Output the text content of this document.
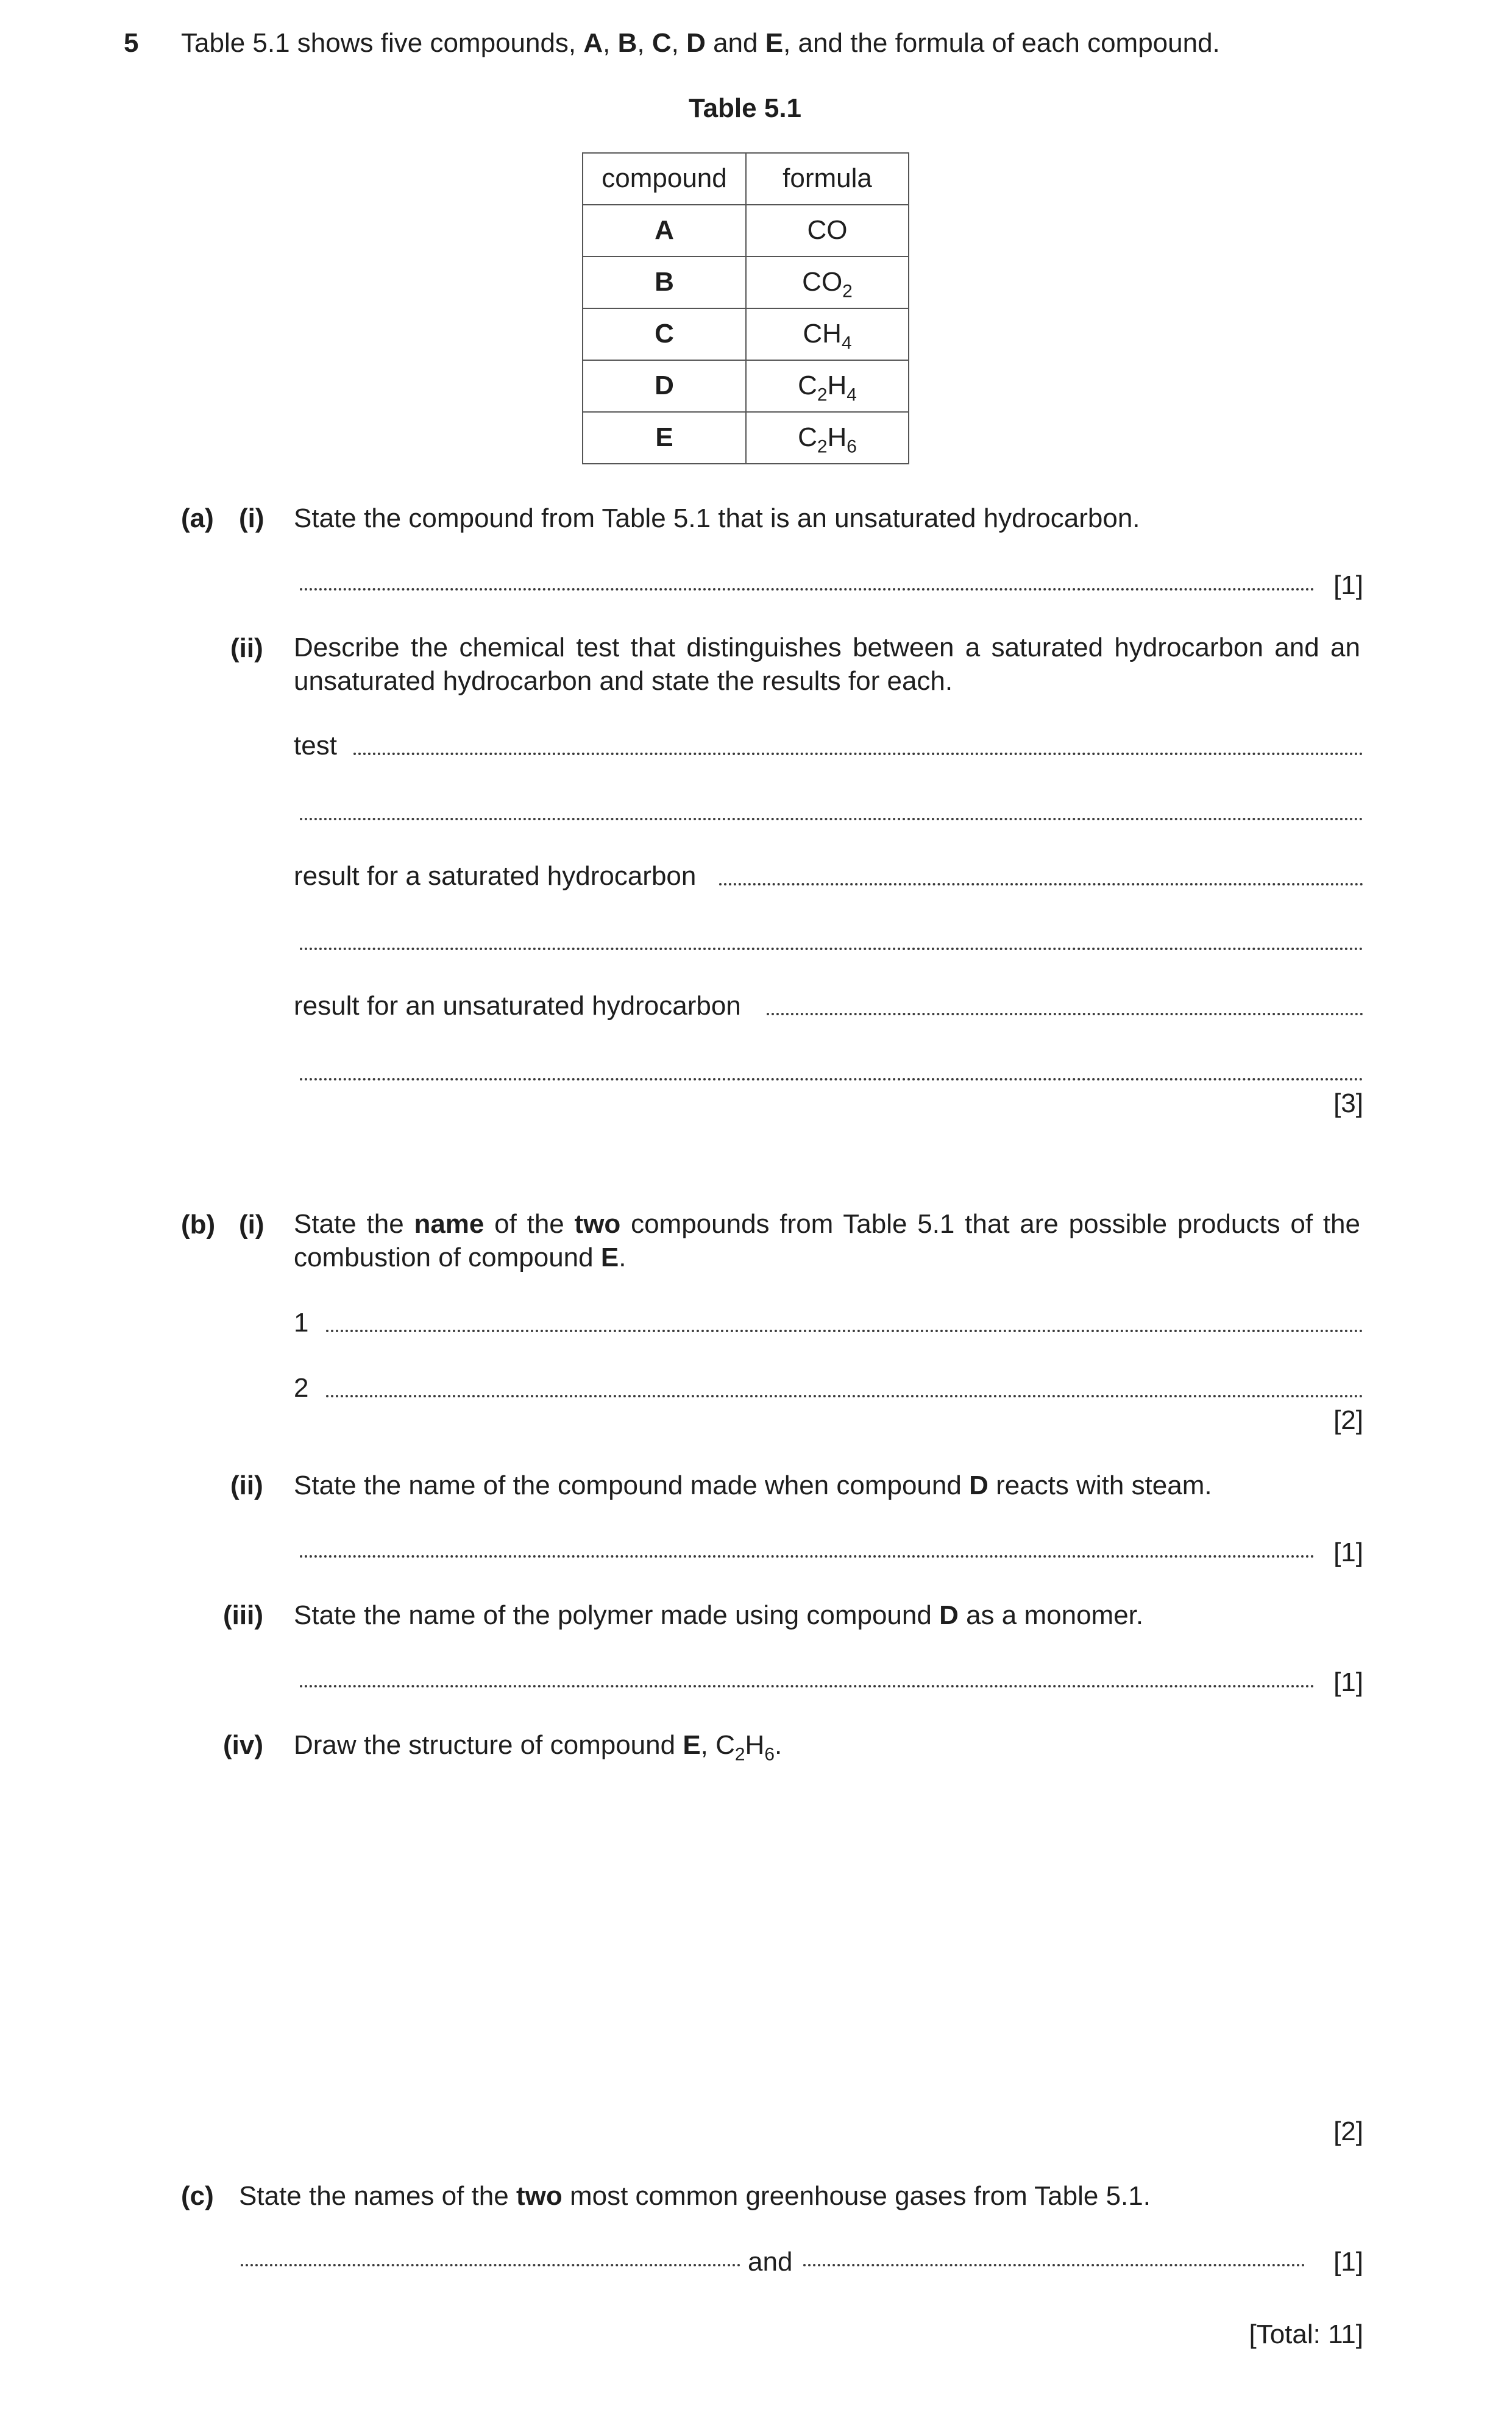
5 Table 5.1 shows five compounds, A, B, C, D and E, and the formula of each compound.
Table 5.1
compound	formula
A	CO
B	$CO_2$
C	$CH_4$
D	$C_2H_4$
E	$C_2H_6$
(a) (i) State the compound from Table 5.1 that is an unsaturated hydrocarbon.
[1]
(ii) Describe the chemical test that distinguishes between a saturated hydrocarbon and an unsaturated hydrocarbon and state the results for each.
test
result for a saturated hydrocarbon
result for an unsaturated hydrocarbon
[3]
(b) (i) State the name of the two compounds from Table 5.1 that are possible products of the combustion of compound E.
1
2
[2]
(ii) State the name of the compound made when compound D reacts with steam.
[1]
(iii) State the name of the polymer made using compound D as a monomer.
[1]
(iv) Draw the structure of compound E, $C_2H_6$.
[2]
(c) State the names of the two most common greenhouse gases from Table 5.1.
and	[1]
[Total: 11]
